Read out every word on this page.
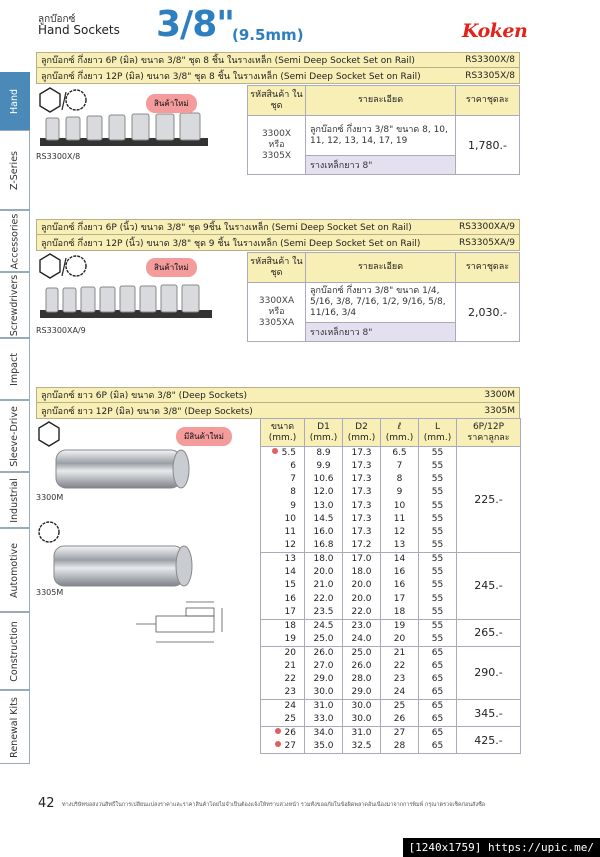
ลูกบ๊อกซ์
Hand Sockets 3/8"
(9.5mm)	Koken
Hand
Z-Series
Accessories
Screwdrivers
Impact
Sleeve-Drive
Industrial
Automotive
Construction
Renewal Kits
ลูกบ๊อกซ์ กึ่งยาว 6P (มิล) ขนาด 3/8" ชุด 8 ชิ้น ในรางเหล็ก (Semi Deep Socket Set on Rail)	RS3300X/8
ลูกบ๊อกซ์ กึ่งยาว 12P (มิล) ขนาด 3/8" ชุด 8 ชิ้น ในรางเหล็ก (Semi Deep Socket Set on Rail)	RS3305X/8
สินค้าใหม่
RS3300X/8
รหัสสินค้า ในชุด	รายละเอียด	ราคาชุดละ
3300X
หรือ
3305X	ลูกบ๊อกซ์ กึ่งยาว 3/8" ขนาด 8, 10, 11, 12, 13, 14, 17, 19	1,780.-
	รางเหล็กยาว 8"	
ลูกบ๊อกซ์ กึ่งยาว 6P (นิ้ว) ขนาด 3/8" ชุด 9ชิ้น ในรางเหล็ก (Semi Deep Socket Set on Rail)	RS3300XA/9
ลูกบ๊อกซ์ กึ่งยาว 12P (นิ้ว) ขนาด 3/8" ชุด 9 ชิ้น ในรางเหล็ก (Semi Deep Socket Set on Rail)	RS3305XA/9
สินค้าใหม่
RS3300XA/9
รหัสสินค้า ในชุด	รายละเอียด	ราคาชุดละ
3300XA
หรือ
3305XA	ลูกบ๊อกซ์ กึ่งยาว 3/8" ขนาด 1/4, 5/16, 3/8, 7/16, 1/2, 9/16, 5/8, 11/16, 3/4	2,030.-
	รางเหล็กยาว 8"	
ลูกบ๊อกซ์ ยาว 6P (มิล) ขนาด 3/8" (Deep Sockets)	3300M
ลูกบ๊อกซ์ ยาว 12P (มิล) ขนาด 3/8" (Deep Sockets)	3305M
มีสินค้าใหม่
3300M
3305M
ขนาด
(mm.)	D1
(mm.)	D2
(mm.)	ℓ
(mm.)	L
(mm.)	6P/12P
ราคาลูกละ
5.5	8.9	17.3	6.5	55	225.-
6	9.9	17.3	7	55	
7	10.6	17.3	8	55	
8	12.0	17.3	9	55	
9	13.0	17.3	10	55	
10	14.5	17.3	11	55	
11	16.0	17.3	12	55	
12	16.8	17.2	13	55	
13	18.0	17.0	14	55	245.-
14	20.0	18.0	16	55	
15	21.0	20.0	16	55	
16	22.0	20.0	17	55	
17	23.5	22.0	18	55	
18	24.5	23.0	19	55	265.-
19	25.0	24.0	20	55	
20	26.0	25.0	21	65	290.-
21	27.0	26.0	22	65	
22	29.0	28.0	23	65	
23	30.0	29.0	24	65	
24	31.0	30.0	25	65	345.-
25	33.0	30.0	26	65	
26	34.0	31.0	27	65	425.-
27	35.0	32.5	28	65	
42 ทางบริษัทขอสงวนสิทธิ์ในการเปลี่ยนแปลงราคาและราคาสินค้าโดยไม่จำเป็นต้องแจ้งให้ทราบล่วงหน้า รวมทั้งขออภัยในข้อผิดพลาดอันเนื่องมาจากการพิมพ์ กรุณาตรวจเช็คก่อนสั่งซื้อ
[1240x1759] https://upic.me/
